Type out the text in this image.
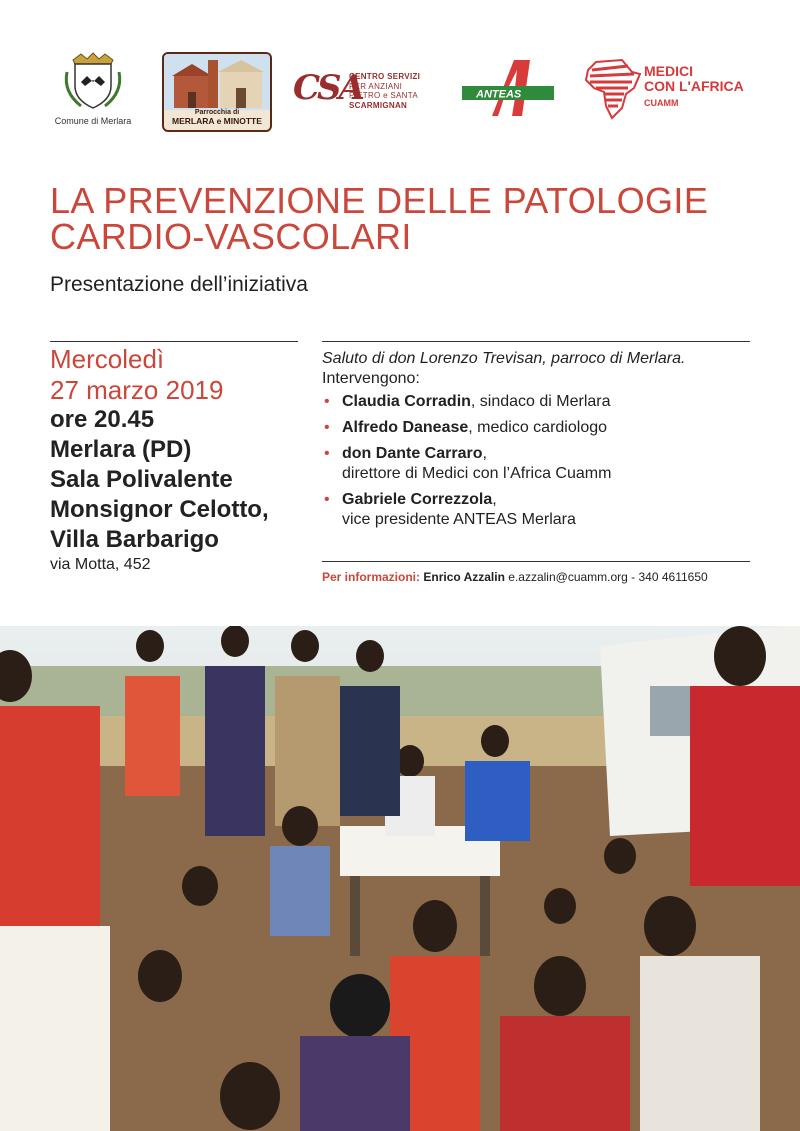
Comune di Merlara
Parrocchia di
MERLARA e MINOTTE
CSA
CENTRO SERVIZI
PER ANZIANI
PIETRO e SANTA

SCARMIGNAN
ANTEAS
MEDICI
CON L'AFRICA
CUAMM
LA PREVENZIONE DELLE PATOLOGIE
CARDIO-VASCOLARI
Presentazione dell’iniziativa
Mercoledì
27 marzo 2019
ore 20.45
Merlara (PD)
Sala Polivalente
Monsignor Celotto,
Villa Barbarigo
via Motta, 452
Saluto di don Lorenzo Trevisan, parroco di Merlara.
Intervengono:
• Claudia Corradin, sindaco di Merlara
• Alfredo Danease, medico cardiologo
• don Dante Carraro,
direttore di Medici con l’Africa Cuamm
• Gabriele Correzzola,
vice presidente ANTEAS Merlara
Per informazioni: Enrico Azzalin e.azzalin@cuamm.org - 340 4611650
